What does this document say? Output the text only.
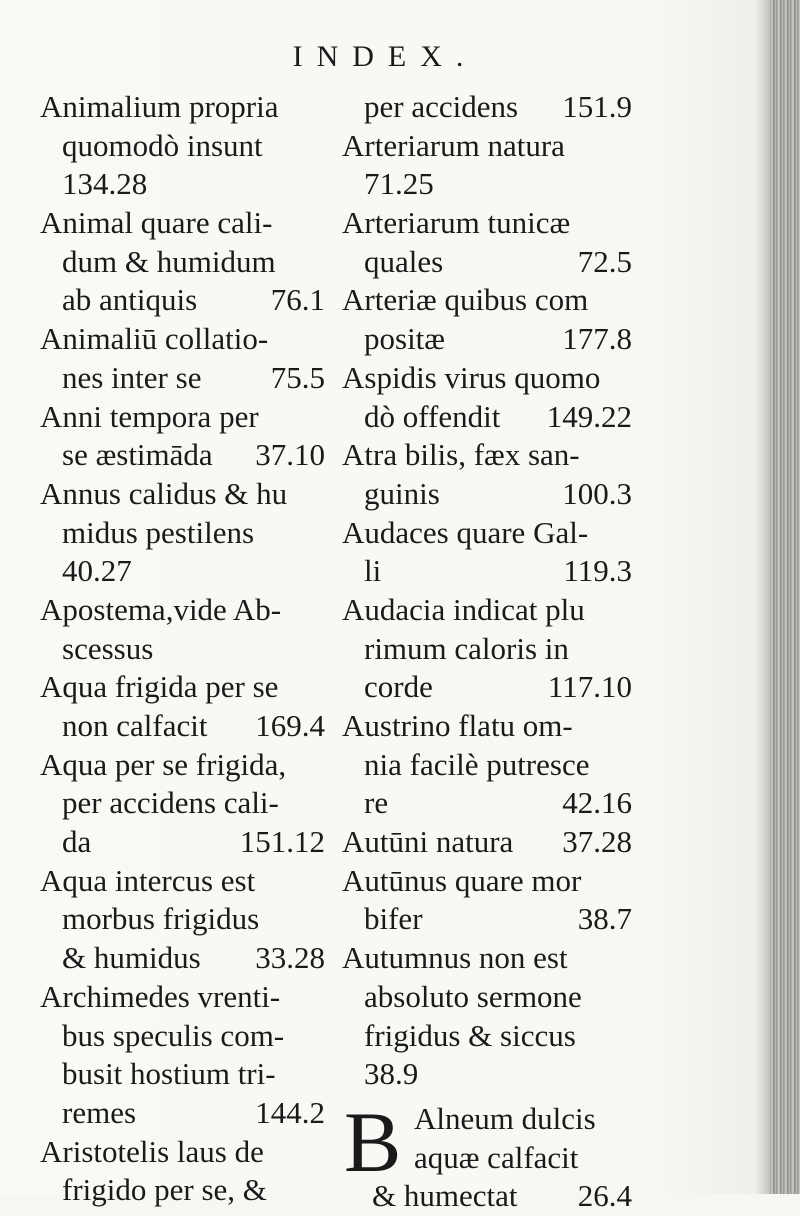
INDEX.
Animalium propria
quomodò insunt
134.28
Animal quare cali-
dum & humidum
ab antiquis 76.1
Animaliū collatio-
nes inter se 75.5
Anni tempora per
se æstimāda 37.10
Annus calidus & hu
midus pestilens
40.27
Apostema,vide Ab-
scessus
Aqua frigida per se
non calfacit 169.4
Aqua per se frigida,
per accidens cali-
da	151.12
Aqua intercus est
morbus frigidus
& humidus 33.28
Archimedes vrenti-
bus speculis com-
busit hostium tri-
remes	144.2
Aristotelis laus de
frigido per se, &
per accidens 151.9
Arteriarum natura
71.25
Arteriarum tunicæ
quales	72.5
Arteriæ quibus com
positæ	177.8
Aspidis virus quomo
dò offendit 149.22
Atra bilis, fæx san-
guinis	100.3
Audaces quare Gal-
li	119.3
Audacia indicat plu
rimum caloris in
corde	117.10
Austrino flatu om-
nia facilè putresce
re	42.16
Autūni natura 37.28
Autūnus quare mor
bifer	38.7
Autumnus non est
absoluto sermone
frigidus & siccus
38.9
B Alneum dulcis
aquæ calfacit
& humectat 26.4
